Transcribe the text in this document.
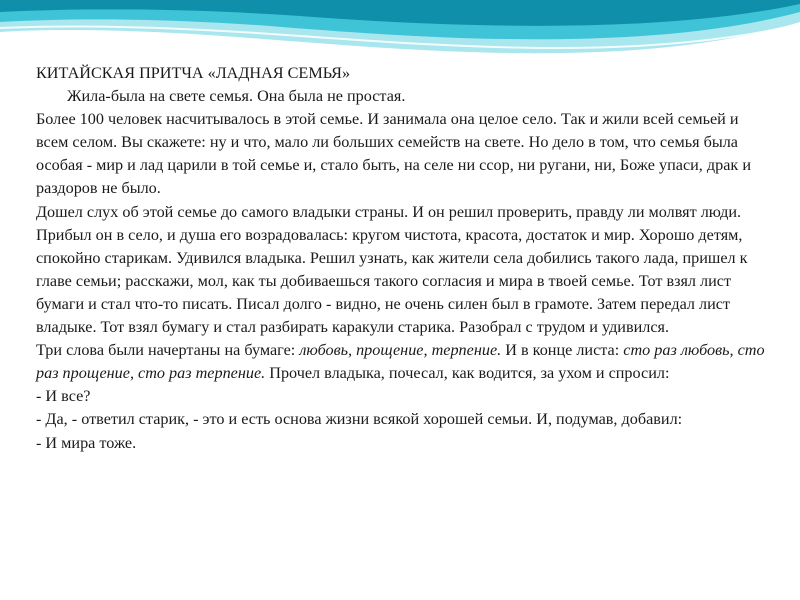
КИТАЙСКАЯ ПРИТЧА «ЛАДНАЯ СЕМЬЯ»
Жила-была на свете семья. Она была не простая.
Более 100 человек насчитывалось в этой семье. И занимала она целое село. Так и жили всей семьей и всем селом. Вы скажете: ну и что, мало ли больших семейств на свете. Но дело в том, что семья была особая - мир и лад царили в той семье и, стало быть, на селе ни ссор, ни ругани, ни, Боже упаси, драк и раздоров не было.
Дошел слух об этой семье до самого владыки страны. И он решил проверить, правду ли молвят люди. Прибыл он в село, и душа его возрадовалась: кругом чистота, красота, достаток и мир. Хорошо детям, спокойно старикам. Удивился владыка. Решил узнать, как жители села добились такого лада, пришел к главе семьи; расскажи, мол, как ты добиваешься такого согласия и мира в твоей семье. Тот взял лист бумаги и стал что-то писать. Писал долго - видно, не очень силен был в грамоте. Затем передал лист владыке. Тот взял бумагу и стал разбирать каракули старика. Разобрал с трудом и удивился.
Три слова были начертаны на бумаге: любовь, прощение, терпение. И в конце листа: сто раз любовь, сто раз прощение, сто раз терпение. Прочел владыка, почесал, как водится, за ухом и спросил:
- И все?
- Да, - ответил старик, - это и есть основа жизни всякой хорошей семьи. И, подумав, добавил:
- И мира тоже.
